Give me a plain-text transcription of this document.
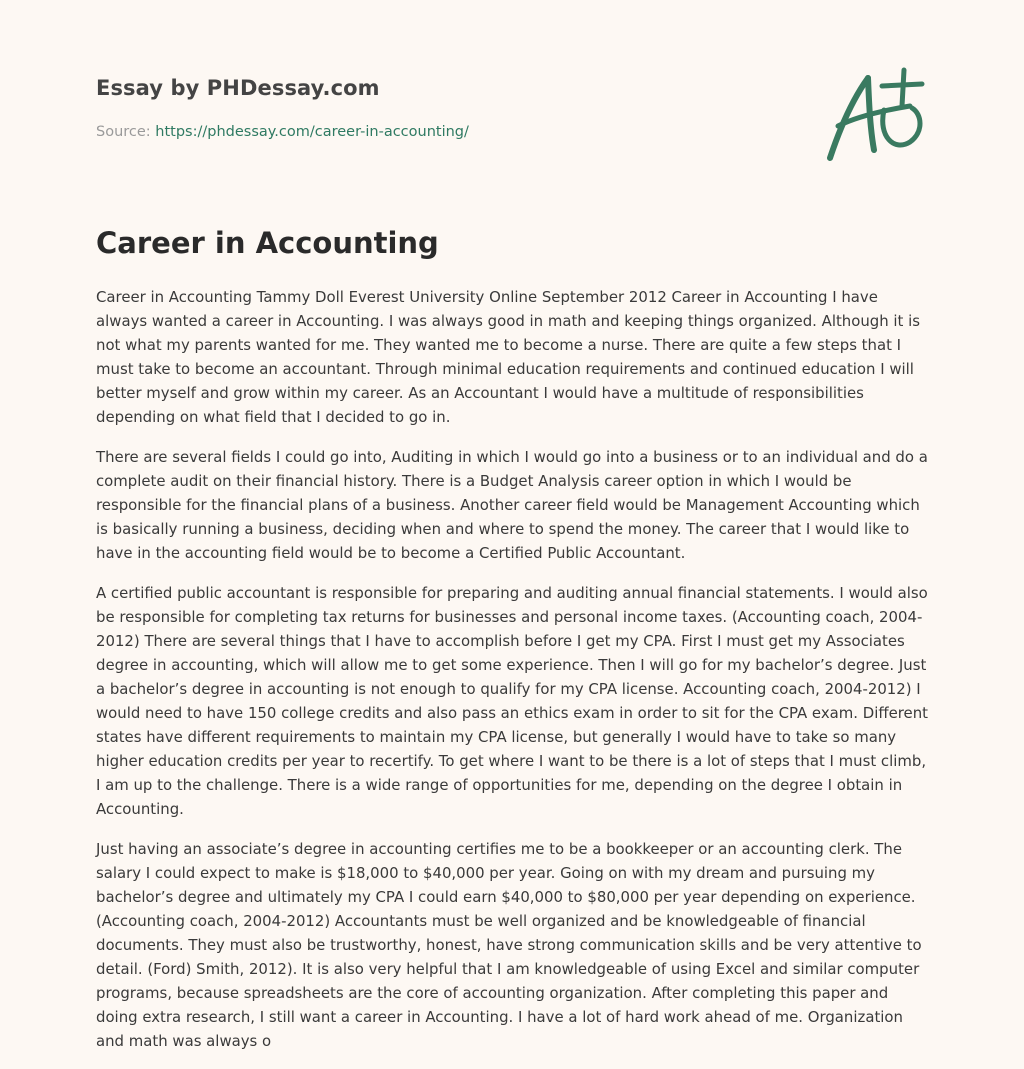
Essay by PHDessay.com
Source: https://phdessay.com/career-in-accounting/
Career in Accounting

Career in Accounting Tammy Doll Everest University Online September 2012 Career in Accounting I have always wanted a career in Accounting. I was always good in math and keeping things organized. Although it is not what my parents wanted for me. They wanted me to become a nurse. There are quite a few steps that I must take to become an accountant. Through minimal education requirements and continued education I will better myself and grow within my career. As an Accountant I would have a multitude of responsibilities depending on what field that I decided to go in.

There are several fields I could go into, Auditing in which I would go into a business or to an individual and do a complete audit on their financial history. There is a Budget Analysis career option in which I would be responsible for the financial plans of a business. Another career field would be Management Accounting which is basically running a business, deciding when and where to spend the money. The career that I would like to have in the accounting field would be to become a Certified Public Accountant.

A certified public accountant is responsible for preparing and auditing annual financial statements. I would also be responsible for completing tax returns for businesses and personal income taxes. (Accounting coach, 2004-2012) There are several things that I have to accomplish before I get my CPA. First I must get my Associates degree in accounting, which will allow me to get some experience. Then I will go for my bachelor’s degree. Just a bachelor’s degree in accounting is not enough to qualify for my CPA license. Accounting coach, 2004-2012) I would need to have 150 college credits and also pass an ethics exam in order to sit for the CPA exam. Different states have different requirements to maintain my CPA license, but generally I would have to take so many higher education credits per year to recertify. To get where I want to be there is a lot of steps that I must climb, I am up to the challenge. There is a wide range of opportunities for me, depending on the degree I obtain in Accounting.

Just having an associate’s degree in accounting certifies me to be a bookkeeper or an accounting clerk. The salary I could expect to make is $18,000 to $40,000 per year. Going on with my dream and pursuing my bachelor’s degree and ultimately my CPA I could earn $40,000 to $80,000 per year depending on experience. (Accounting coach, 2004-2012) Accountants must be well organized and be knowledgeable of financial documents. They must also be trustworthy, honest, have strong communication skills and be very attentive to detail. (Ford) Smith, 2012). It is also very helpful that I am knowledgeable of using Excel and similar computer programs, because spreadsheets are the core of accounting organization. After completing this paper and doing extra research, I still want a career in Accounting. I have a lot of hard work ahead of me. Organization and math was always o
